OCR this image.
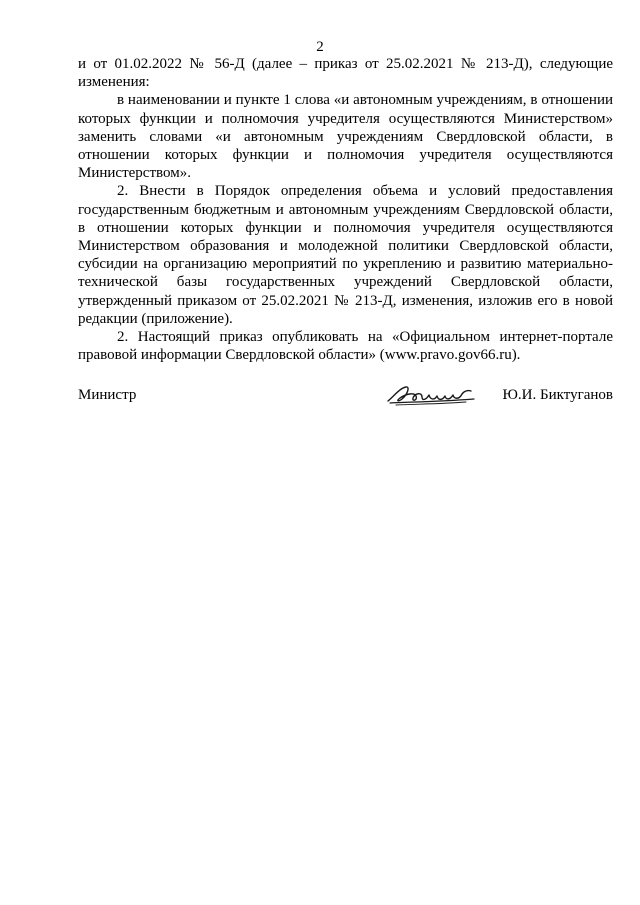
2

и от 01.02.2022 № 56-Д (далее – приказ от 25.02.2021 № 213-Д), следующие изменения:

в наименовании и пункте 1 слова «и автономным учреждениям, в отношении которых функции и полномочия учредителя осуществляются Министерством» заменить словами «и автономным учреждениям Свердловской области, в отношении которых функции и полномочия учредителя осуществляются Министерством».

2. Внести в Порядок определения объема и условий предоставления государственным бюджетным и автономным учреждениям Свердловской области, в отношении которых функции и полномочия учредителя осуществляются Министерством образования и молодежной политики Свердловской области, субсидии на организацию мероприятий по укреплению и развитию материально-технической базы государственных учреждений Свердловской области, утвержденный приказом от 25.02.2021 № 213-Д, изменения, изложив его в новой редакции (приложение).

2. Настоящий приказ опубликовать на «Официальном интернет-портале правовой информации Свердловской области» (www.pravo.gov66.ru).

Министр	Ю.И. Биктуганов
